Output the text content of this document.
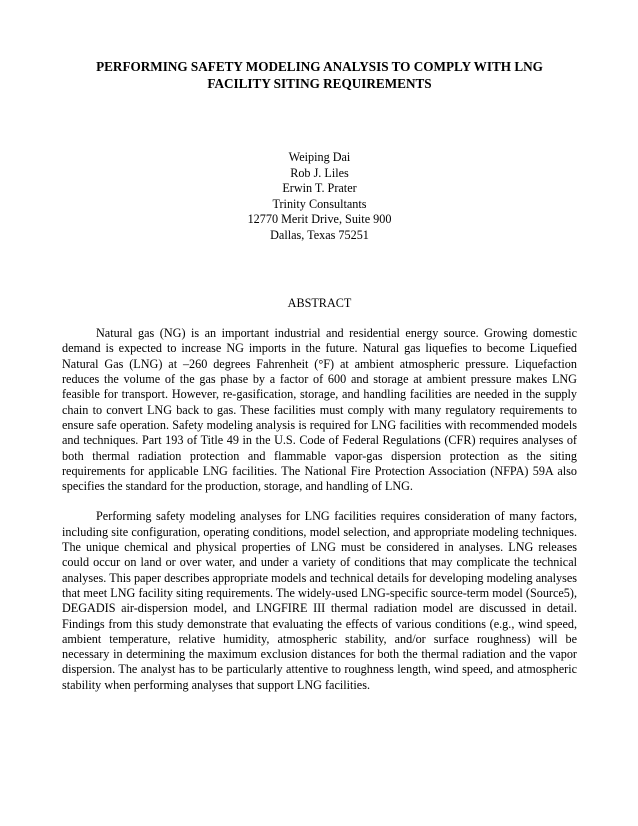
PERFORMING SAFETY MODELING ANALYSIS TO COMPLY WITH LNG
FACILITY SITING REQUIREMENTS
Weiping Dai
Rob J. Liles
Erwin T. Prater
Trinity Consultants
12770 Merit Drive, Suite 900
Dallas, Texas 75251
ABSTRACT

Natural gas (NG) is an important industrial and residential energy source. Growing domestic demand is expected to increase NG imports in the future. Natural gas liquefies to become Liquefied Natural Gas (LNG) at –260 degrees Fahrenheit (°F) at ambient atmospheric pressure. Liquefaction reduces the volume of the gas phase by a factor of 600 and storage at ambient pressure makes LNG feasible for transport. However, re-gasification, storage, and handling facilities are needed in the supply chain to convert LNG back to gas. These facilities must comply with many regulatory requirements to ensure safe operation. Safety modeling analysis is required for LNG facilities with recommended models and techniques. Part 193 of Title 49 in the U.S. Code of Federal Regulations (CFR) requires analyses of both thermal radiation protection and flammable vapor-gas dispersion protection as the siting requirements for applicable LNG facilities. The National Fire Protection Association (NFPA) 59A also specifies the standard for the production, storage, and handling of LNG.

Performing safety modeling analyses for LNG facilities requires consideration of many factors, including site configuration, operating conditions, model selection, and appropriate modeling techniques. The unique chemical and physical properties of LNG must be considered in analyses. LNG releases could occur on land or over water, and under a variety of conditions that may complicate the technical analyses. This paper describes appropriate models and technical details for developing modeling analyses that meet LNG facility siting requirements. The widely-used LNG-specific source-term model (Source5), DEGADIS air-dispersion model, and LNGFIRE III thermal radiation model are discussed in detail. Findings from this study demonstrate that evaluating the effects of various conditions (e.g., wind speed, ambient temperature, relative humidity, atmospheric stability, and/or surface roughness) will be necessary in determining the maximum exclusion distances for both the thermal radiation and the vapor dispersion. The analyst has to be particularly attentive to roughness length, wind speed, and atmospheric stability when performing analyses that support LNG facilities.
